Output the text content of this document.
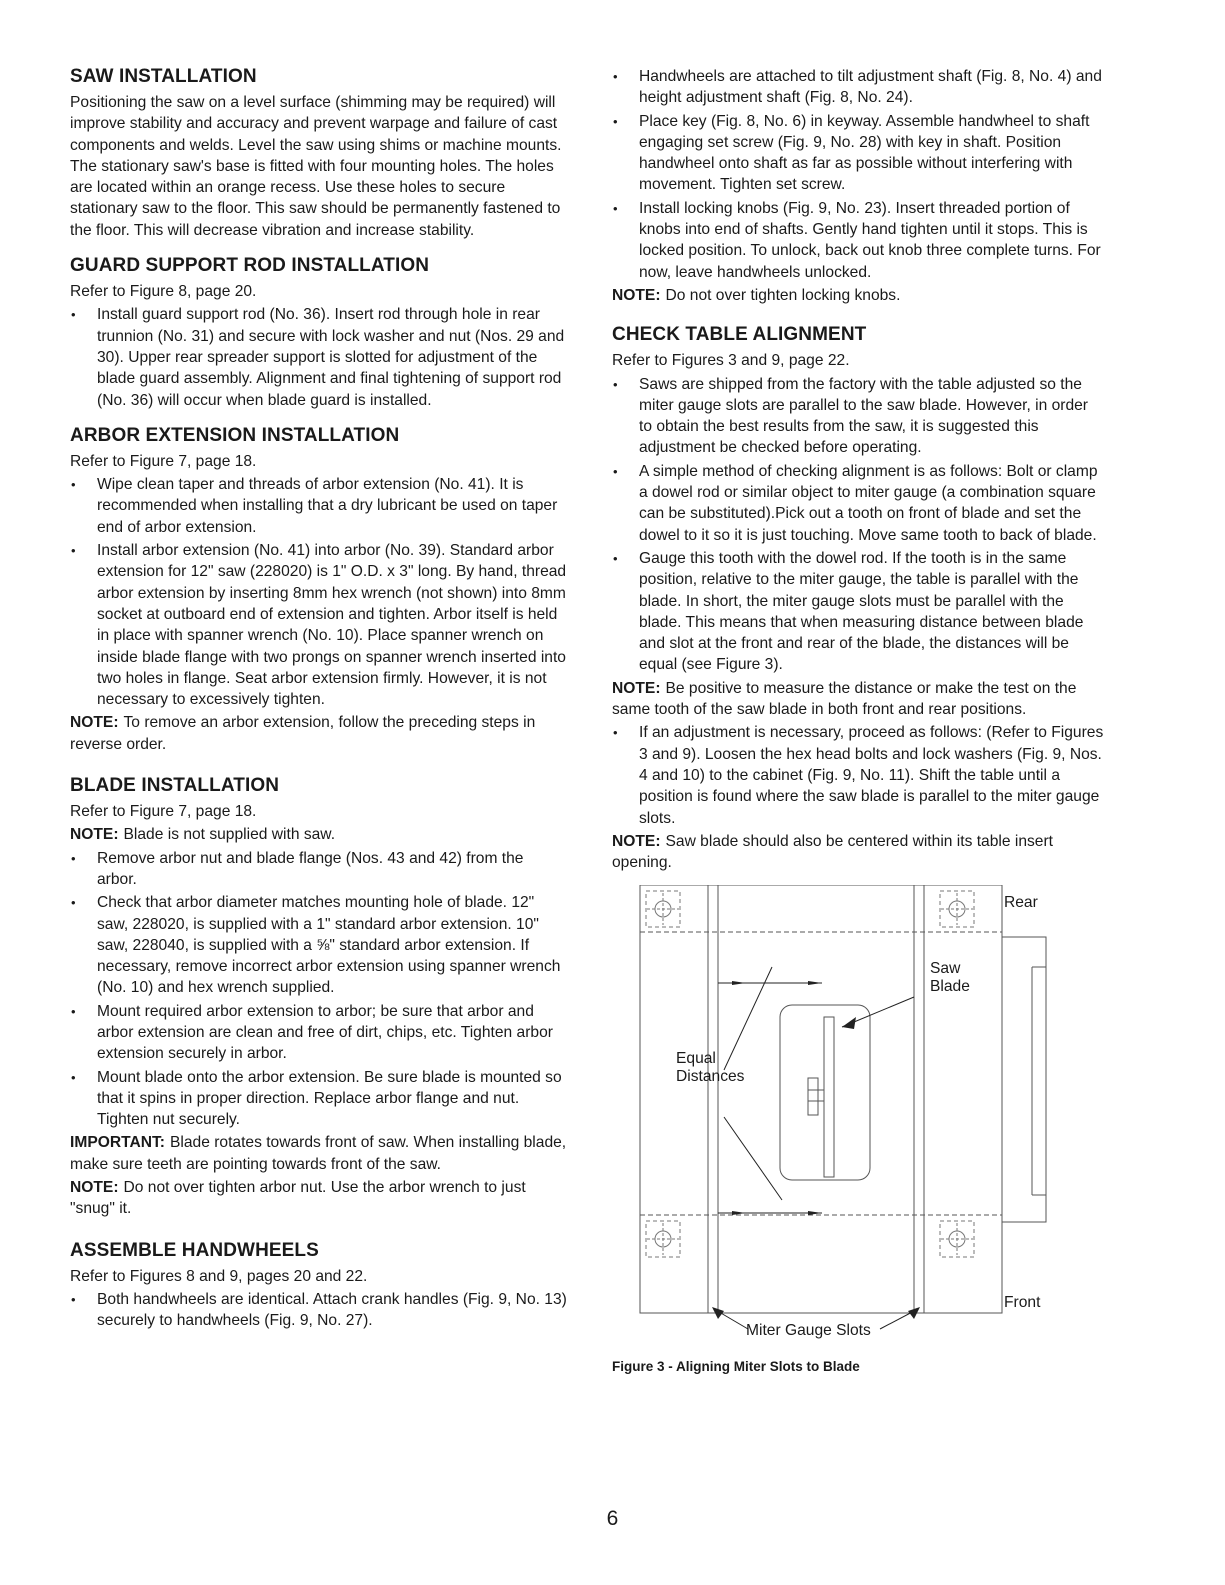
SAW INSTALLATION

Positioning the saw on a level surface (shimming may be required) will improve stability and accuracy and prevent warpage and failure of cast components and welds. Level the saw using shims or machine mounts. The stationary saw's base is fitted with four mounting holes. The holes are located within an orange recess. Use these holes to secure stationary saw to the floor. This saw should be permanently fastened to the floor. This will decrease vibration and increase stability.

GUARD SUPPORT ROD INSTALLATION

Refer to Figure 8, page 20.

• Install guard support rod (No. 36). Insert rod through hole in rear trunnion (No. 31) and secure with lock washer and nut (Nos. 29 and 30). Upper rear spreader support is slotted for adjustment of the blade guard assembly. Alignment and final tightening of support rod (No. 36) will occur when blade guard is installed.
ARBOR EXTENSION INSTALLATION

Refer to Figure 7, page 18.

• Wipe clean taper and threads of arbor extension (No. 41). It is recommended when installing that a dry lubricant be used on taper end of arbor extension.
• Install arbor extension (No. 41) into arbor (No. 39). Standard arbor extension for 12" saw (228020) is 1" O.D. x 3" long. By hand, thread arbor extension by inserting 8mm hex wrench (not shown) into 8mm socket at outboard end of extension and tighten. Arbor itself is held in place with spanner wrench (No. 10). Place spanner wrench on inside blade flange with two prongs on spanner wrench inserted into two holes in flange. Seat arbor extension firmly. However, it is not necessary to excessively tighten.

NOTE: To remove an arbor extension, follow the preceding steps in reverse order.

BLADE INSTALLATION

Refer to Figure 7, page 18.

NOTE: Blade is not supplied with saw.

• Remove arbor nut and blade flange (Nos. 43 and 42) from the arbor.
• Check that arbor diameter matches mounting hole of blade. 12" saw, 228020, is supplied with a 1" standard arbor extension. 10" saw, 228040, is supplied with a ⅝" standard arbor extension. If necessary, remove incorrect arbor extension using spanner wrench (No. 10) and hex wrench supplied.
• Mount required arbor extension to arbor; be sure that arbor and arbor extension are clean and free of dirt, chips, etc. Tighten arbor extension securely in arbor.
• Mount blade onto the arbor extension. Be sure blade is mounted so that it spins in proper direction. Replace arbor flange and nut. Tighten nut securely.

IMPORTANT: Blade rotates towards front of saw. When installing blade, make sure teeth are pointing towards front of the saw.

NOTE: Do not over tighten arbor nut. Use the arbor wrench to just "snug" it.

ASSEMBLE HANDWHEELS

Refer to Figures 8 and 9, pages 20 and 22.

• Both handwheels are identical. Attach crank handles (Fig. 9, No. 13) securely to handwheels (Fig. 9, No. 27).
• Handwheels are attached to tilt adjustment shaft (Fig. 8, No. 4) and height adjustment shaft (Fig. 8, No. 24).
• Place key (Fig. 8, No. 6) in keyway. Assemble handwheel to shaft engaging set screw (Fig. 9, No. 28) with key in shaft. Position handwheel onto shaft as far as possible without interfering with movement. Tighten set screw.
• Install locking knobs (Fig. 9, No. 23). Insert threaded portion of knobs into end of shafts. Gently hand tighten until it stops. This is locked position. To unlock, back out knob three complete turns. For now, leave handwheels unlocked.

NOTE: Do not over tighten locking knobs.

CHECK TABLE ALIGNMENT

Refer to Figures 3 and 9, page 22.

• Saws are shipped from the factory with the table adjusted so the miter gauge slots are parallel to the saw blade. However, in order to obtain the best results from the saw, it is suggested this adjustment be checked before operating.
• A simple method of checking alignment is as follows: Bolt or clamp a dowel rod or similar object to miter gauge (a combination square can be substituted).Pick out a tooth on front of blade and set the dowel to it so it is just touching. Move same tooth to back of blade.
• Gauge this tooth with the dowel rod. If the tooth is in the same position, relative to the miter gauge, the table is parallel with the blade. In short, the miter gauge slots must be parallel with the blade. This means that when measuring distance between blade and slot at the front and rear of the blade, the distances will be equal (see Figure 3).

NOTE: Be positive to measure the distance or make the test on the same tooth of the saw blade in both front and rear positions.

• If an adjustment is necessary, proceed as follows: (Refer to Figures 3 and 9). Loosen the hex head bolts and lock washers (Fig. 9, Nos. 4 and 10) to the cabinet (Fig. 9, No. 11). Shift the table until a position is found where the saw blade is parallel to the miter gauge slots.

NOTE: Saw blade should also be centered within its table insert opening.

Rear
Saw
Blade
Equal
Distances
Front
Miter Gauge Slots
Figure 3 - Aligning Miter Slots to Blade
6
